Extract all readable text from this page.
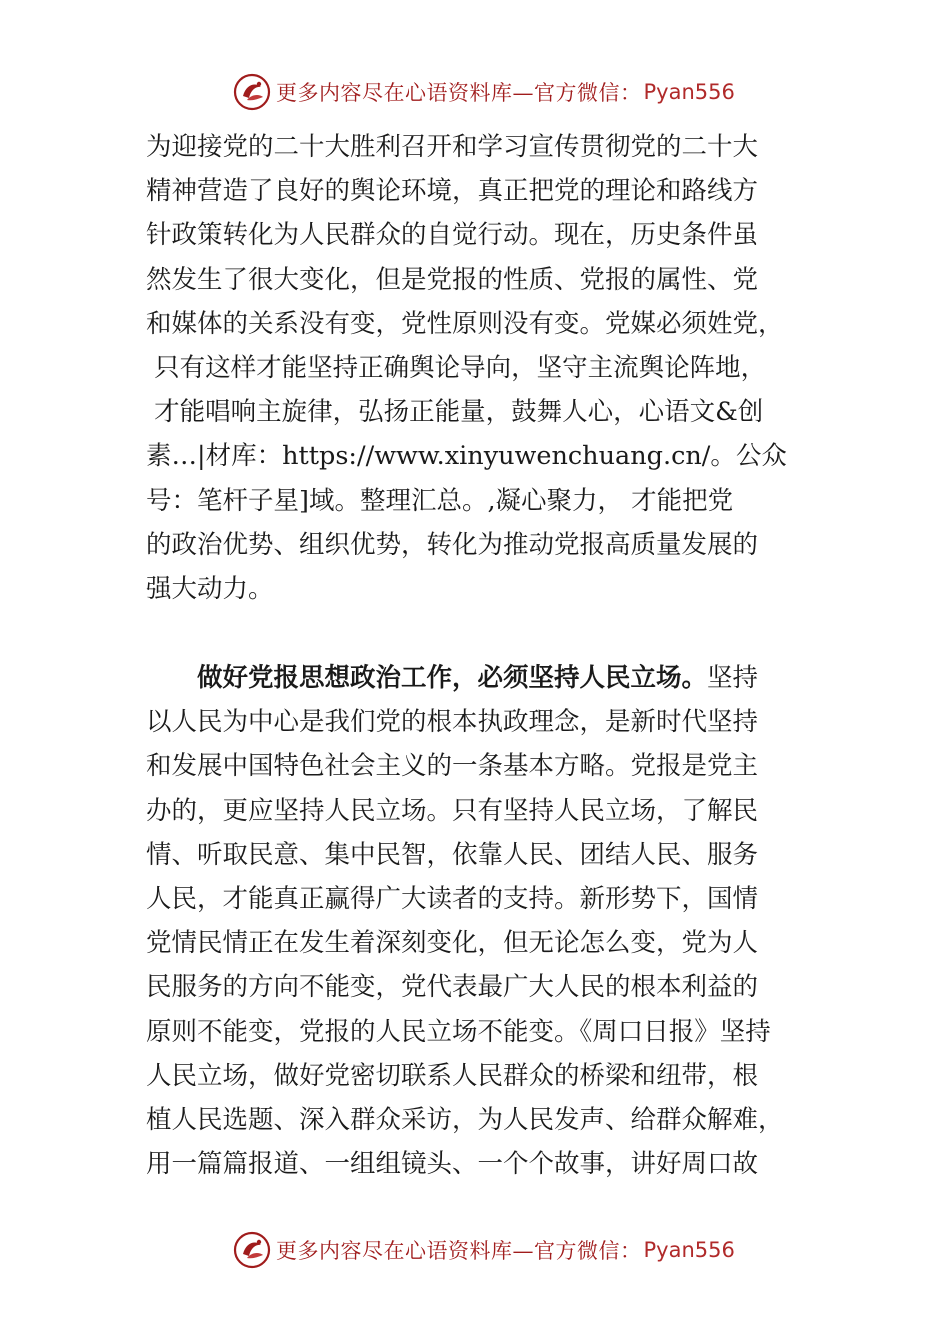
更多内容尽在心语资料库—官方微信： Pyan556

为迎接党的二十大胜利召开和学习宣传贯彻党的二十大

精神营造了良好的舆论环境，真正把党的理论和路线方

针政策转化为人民群众的自觉行动。现在，历史条件虽

然发生了很大变化，但是党报的性质、党报的属性、党

和媒体的关系没有变，党性原则没有变。党媒必须姓党，

只有这样才能坚持正确舆论导向，坚守主流舆论阵地，

才能唱响主旋律，弘扬正能量，鼓舞人心，心语文&创

素…|材库：https://www.xinyuwenchuang.cn/。公众

号：笔杆子星]域。整理汇总。,凝心聚力， 才能把党

的政治优势、组织优势，转化为推动党报高质量发展的

强大动力。

做好党报思想政治工作，必须坚持人民立场。坚持

以人民为中心是我们党的根本执政理念，是新时代坚持

和发展中国特色社会主义的一条基本方略。党报是党主

办的，更应坚持人民立场。只有坚持人民立场，了解民

情、听取民意、集中民智，依靠人民、团结人民、服务

人民，才能真正赢得广大读者的支持。新形势下，国情

党情民情正在发生着深刻变化，但无论怎么变，党为人

民服务的方向不能变，党代表最广大人民的根本利益的

原则不能变，党报的人民立场不能变。《周口日报》坚持

人民立场，做好党密切联系人民群众的桥梁和纽带，根

植人民选题、深入群众采访，为人民发声、给群众解难，

用一篇篇报道、一组组镜头、一个个故事，讲好周口故

更多内容尽在心语资料库—官方微信： Pyan556
